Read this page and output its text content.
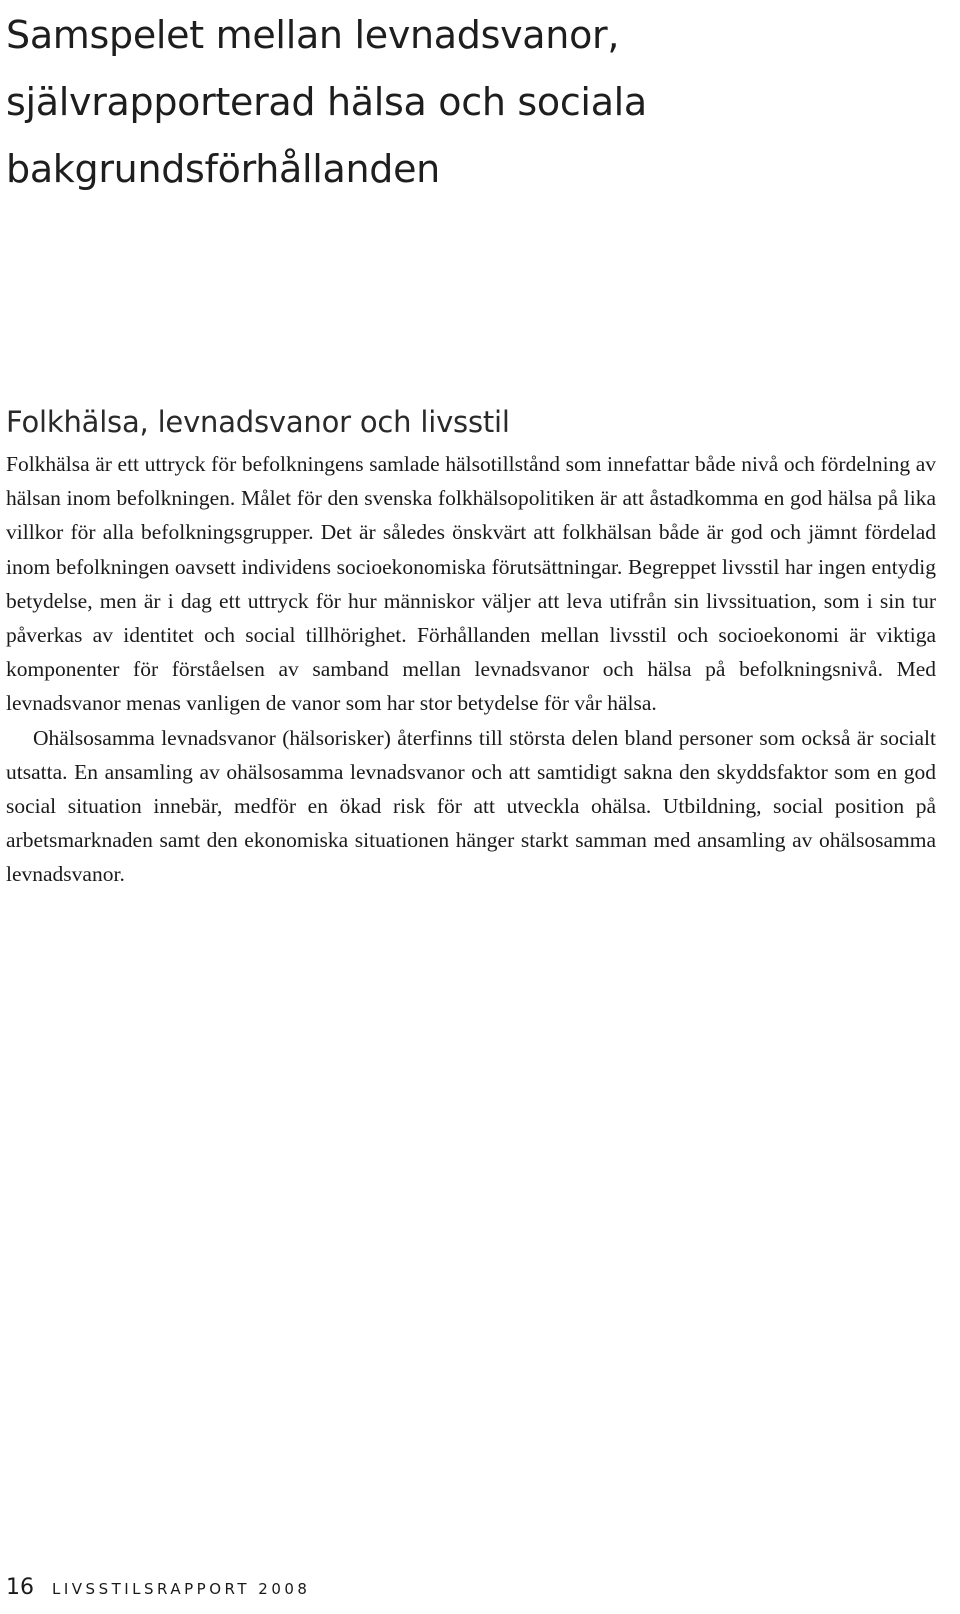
Samspelet mellan levnadsvanor,
självrapporterad hälsa och sociala
bakgrundsförhållanden
Folkhälsa, levnadsvanor och livsstil

Folkhälsa är ett uttryck för befolkningens samlade hälsotillstånd som innefattar både nivå och fördelning av hälsan inom befolkningen. Målet för den svenska folkhälsopolitiken är att åstadkomma en god hälsa på lika villkor för alla befolkningsgrupper. Det är således önskvärt att folkhälsan både är god och jämnt fördelad inom befolkningen oavsett individens socioekonomiska förutsättningar. Begreppet livsstil har ingen entydig betydelse, men är i dag ett uttryck för hur människor väljer att leva utifrån sin livssituation, som i sin tur påverkas av identitet och social tillhörighet. Förhållanden mellan livsstil och socioekonomi är viktiga komponenter för förståelsen av samband mellan levnadsvanor och hälsa på befolkningsnivå. Med levnadsvanor menas vanligen de vanor som har stor betydelse för vår hälsa.

Ohälsosamma levnadsvanor (hälsorisker) återfinns till största delen bland personer som också är socialt utsatta. En ansamling av ohälsosamma levnadsvanor och att samtidigt sakna den skyddsfaktor som en god social situation innebär, medför en ökad risk för att utveckla ohälsa. Utbildning, social position på arbetsmarknaden samt den ekonomiska situationen hänger starkt samman med ansamling av ohälsosamma levnadsvanor.

16 LIVSSTILSRAPPORT 2008
